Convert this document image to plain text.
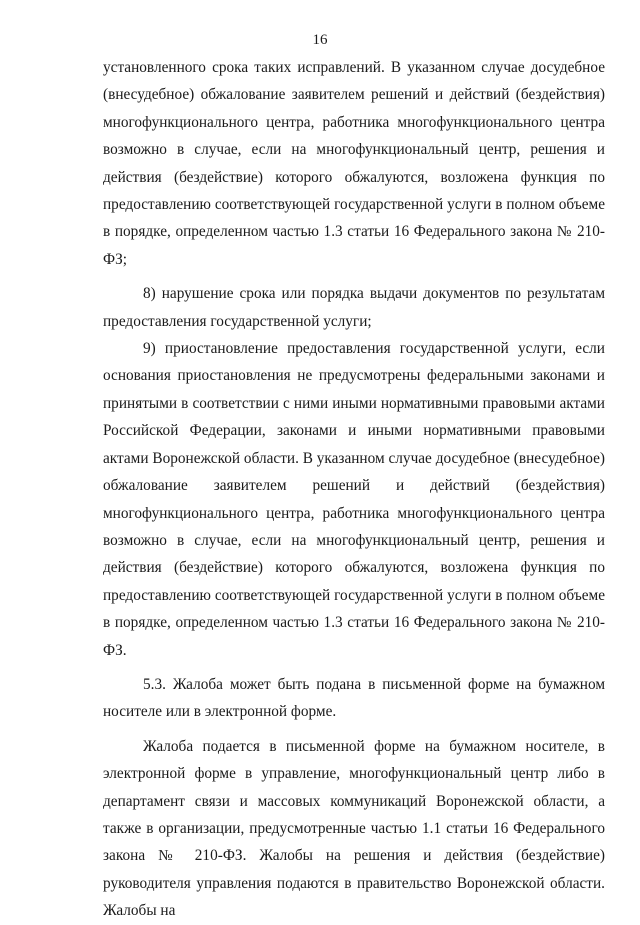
16

установленного срока таких исправлений. В указанном случае досудебное (внесудебное) обжалование заявителем решений и действий (бездействия) многофункционального центра, работника многофункционального центра возможно в случае, если на многофункциональный центр, решения и действия (бездействие) которого обжалуются, возложена функция по предоставлению соответствующей государственной услуги в полном объеме в порядке, определенном частью 1.3 статьи 16 Федерального закона № 210-ФЗ;

8) нарушение срока или порядка выдачи документов по результатам предоставления государственной услуги;

9) приостановление предоставления государственной услуги, если основания приостановления не предусмотрены федеральными законами и принятыми в соответствии с ними иными нормативными правовыми актами Российской Федерации, законами и иными нормативными правовыми актами Воронежской области. В указанном случае досудебное (внесудебное) обжалование заявителем решений и действий (бездействия) многофункционального центра, работника многофункционального центра возможно в случае, если на многофункциональный центр, решения и действия (бездействие) которого обжалуются, возложена функция по предоставлению соответствующей государственной услуги в полном объеме в порядке, определенном частью 1.3 статьи 16 Федерального закона № 210-ФЗ.

5.3. Жалоба может быть подана в письменной форме на бумажном носителе или в электронной форме.

Жалоба подается в письменной форме на бумажном носителе, в электронной форме в управление, многофункциональный центр либо в департамент связи и массовых коммуникаций Воронежской области, а также в организации, предусмотренные частью 1.1 статьи 16 Федерального закона № 210-ФЗ. Жалобы на решения и действия (бездействие) руководителя управления подаются в правительство Воронежской области. Жалобы на
